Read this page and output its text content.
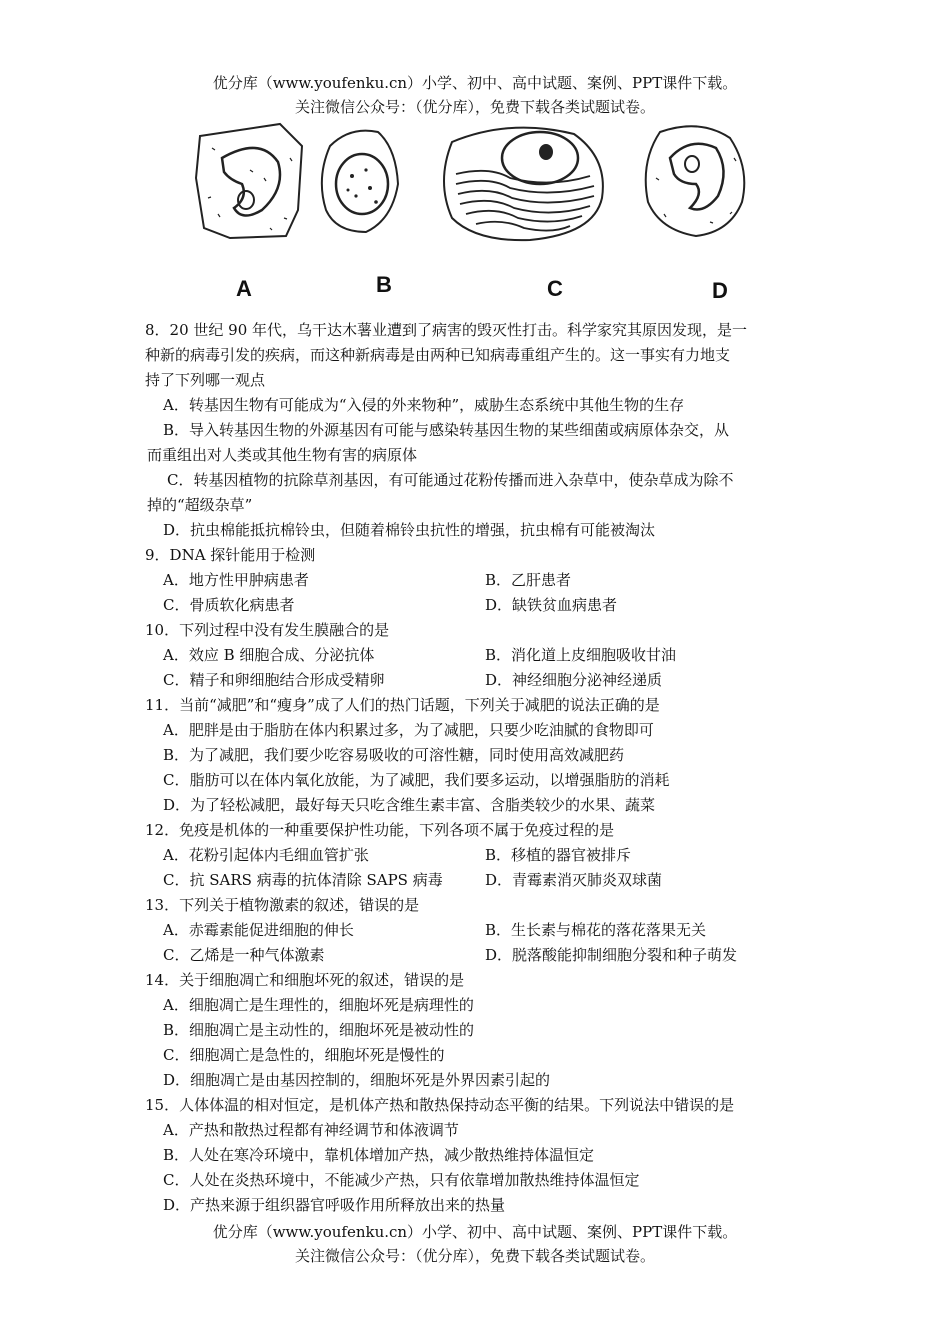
优分库（www.youfenku.cn）小学、初中、高中试题、案例、PPT课件下载。
关注微信公众号：（优分库），免费下载各类试题试卷。
A	B	C	D
8．20 世纪 90 年代，乌干达木薯业遭到了病害的毁灭性打击。科学家究其原因发现，是一
种新的病毒引发的疾病，而这种新病毒是由两种已知病毒重组产生的。这一事实有力地支
持了下列哪一观点
A．转基因生物有可能成为“入侵的外来物种”，威胁生态系统中其他生物的生存
B．导入转基因生物的外源基因有可能与感染转基因生物的某些细菌或病原体杂交，从
而重组出对人类或其他生物有害的病原体
C．转基因植物的抗除草剂基因，有可能通过花粉传播而进入杂草中，使杂草成为除不
掉的“超级杂草”
D．抗虫棉能抵抗棉铃虫，但随着棉铃虫抗性的增强，抗虫棉有可能被淘汰
9．DNA 探针能用于检测
A．地方性甲肿病患者	B．乙肝患者
C．骨质软化病患者	D．缺铁贫血病患者
10．下列过程中没有发生膜融合的是
A．效应 B 细胞合成、分泌抗体	B．消化道上皮细胞吸收甘油
C．精子和卵细胞结合形成受精卵	D．神经细胞分泌神经递质
11．当前“减肥”和“瘦身”成了人们的热门话题，下列关于减肥的说法正确的是
A．肥胖是由于脂肪在体内积累过多，为了减肥，只要少吃油腻的食物即可
B．为了减肥，我们要少吃容易吸收的可溶性糖，同时使用高效减肥药
C．脂肪可以在体内氧化放能，为了减肥，我们要多运动，以增强脂肪的消耗
D．为了轻松减肥，最好每天只吃含维生素丰富、含脂类较少的水果、蔬菜
12．免疫是机体的一种重要保护性功能，下列各项不属于免疫过程的是
A．花粉引起体内毛细血管扩张	B．移植的器官被排斥
C．抗 SARS 病毒的抗体清除 SAPS 病毒	D．青霉素消灭肺炎双球菌
13．下列关于植物激素的叙述，错误的是
A．赤霉素能促进细胞的伸长	B．生长素与棉花的落花落果无关
C．乙烯是一种气体激素	D．脱落酸能抑制细胞分裂和种子萌发
14．关于细胞凋亡和细胞坏死的叙述，错误的是
A．细胞凋亡是生理性的，细胞坏死是病理性的
B．细胞凋亡是主动性的，细胞坏死是被动性的
C．细胞凋亡是急性的，细胞坏死是慢性的
D．细胞凋亡是由基因控制的，细胞坏死是外界因素引起的
15．人体体温的相对恒定，是机体产热和散热保持动态平衡的结果。下列说法中错误的是
A．产热和散热过程都有神经调节和体液调节
B．人处在寒冷环境中，靠机体增加产热，减少散热维持体温恒定
C．人处在炎热环境中，不能减少产热，只有依靠增加散热维持体温恒定
D．产热来源于组织器官呼吸作用所释放出来的热量
优分库（www.youfenku.cn）小学、初中、高中试题、案例、PPT课件下载。
关注微信公众号：（优分库），免费下载各类试题试卷。
